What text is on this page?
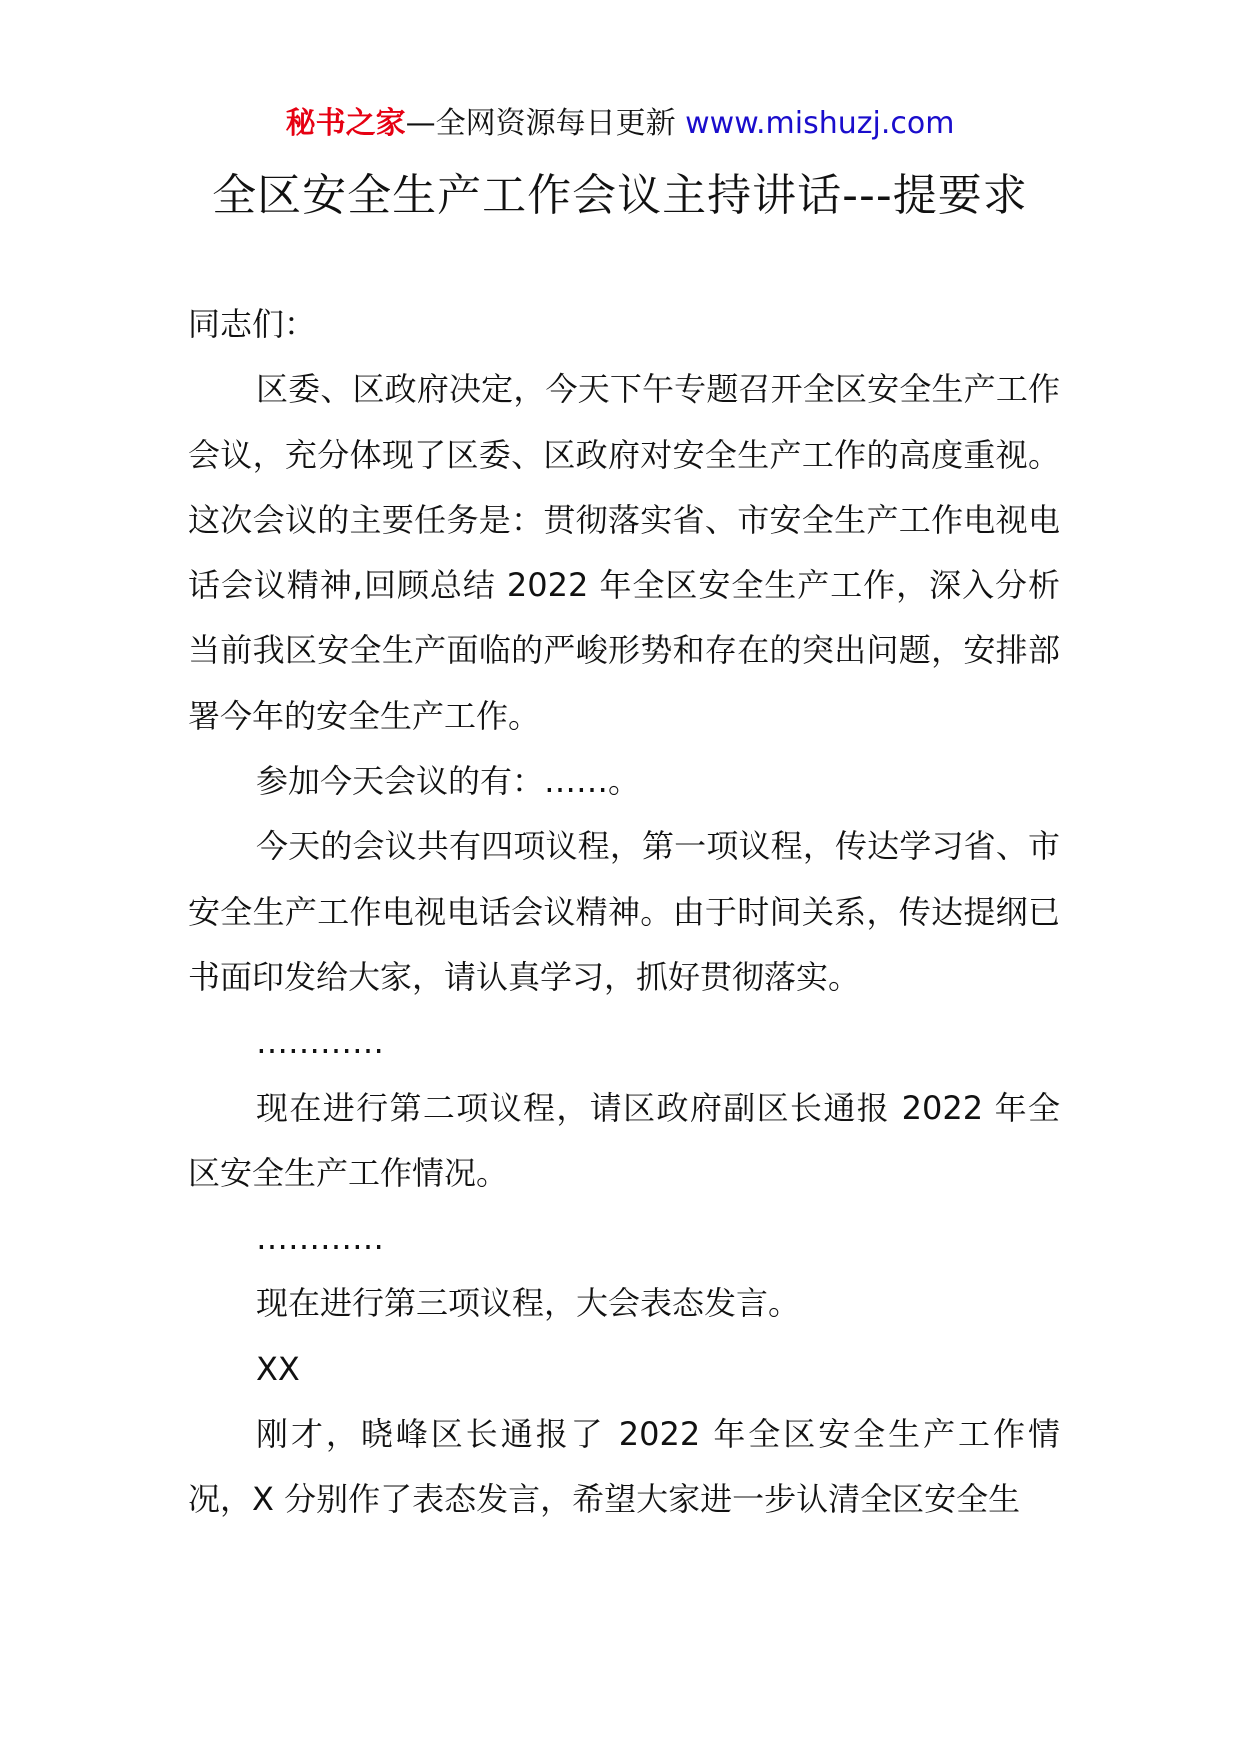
秘书之家—全网资源每日更新 www.mishuzj.com
全区安全生产工作会议主持讲话---提要求

同志们：

区委、区政府决定，今天下午专题召开全区安全生产工作会议，充分体现了区委、区政府对安全生产工作的高度重视。这次会议的主要任务是：贯彻落实省、市安全生产工作电视电话会议精神,回顾总结 2022 年全区安全生产工作，深入分析当前我区安全生产面临的严峻形势和存在的突出问题，安排部署今年的安全生产工作。

参加今天会议的有：……。

今天的会议共有四项议程，第一项议程，传达学习省、市安全生产工作电视电话会议精神。由于时间关系，传达提纲已书面印发给大家，请认真学习，抓好贯彻落实。

…………

现在进行第二项议程，请区政府副区长通报 2022 年全区安全生产工作情况。

…………

现在进行第三项议程，大会表态发言。

XX

刚才，晓峰区长通报了 2022 年全区安全生产工作情况，X 分别作了表态发言，希望大家进一步认清全区安全生
